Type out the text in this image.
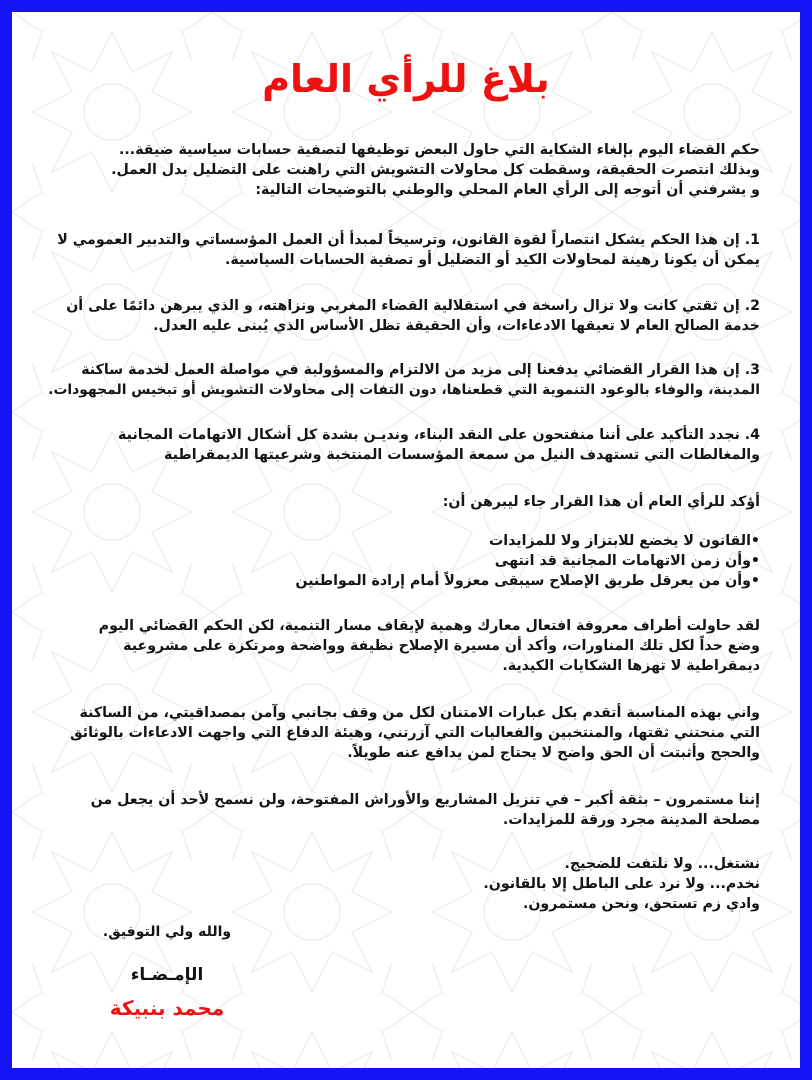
بلاغ للرأي العام
حكم القضاء اليوم بإلغاء الشكاية التي حاول البعض توظيفها لتصفية حسابات سياسية ضيقة...
وبذلك انتصرت الحقيقة، وسقطت كل محاولات التشويش التي راهنت على التضليل بدل العمل.
و يشرفني أن أتوجه إلى الرأي العام المحلي والوطني بالتوضيحات التالية:
1. إن هذا الحكم يشكل انتصاراً لقوة القانون، وترسيخاً لمبدأ أن العمل المؤسساتي والتدبير العمومي لا
يمكن أن يكونا رهينة لمحاولات الكيد أو التضليل أو تصفية الحسابات السياسية.
2. إن ثقتي كانت ولا تزال راسخة في استقلالية القضاء المغربي ونزاهته، و الذي يبرهن دائمًا على أن
خدمة الصالح العام لا تعيقها الادعاءات، وأن الحقيقة تظل الأساس الذي يُبنى عليه العدل.
3. إن هذا القرار القضائي يدفعنا إلى مزيد من الالتزام والمسؤولية في مواصلة العمل لخدمة ساكنة
المدينة، والوفاء بالوعود التنموية التي قطعناها، دون التفات إلى محاولات التشويش أو تبخيس المجهودات.
4. نجدد التأكيد على أننا منفتحون على النقد البناء، ونديـن بشدة كل أشكال الاتهامات المجانية
والمغالطات التي تستهدف النيل من سمعة المؤسسات المنتخبة وشرعيتها الديمقراطية
أؤكد للرأي العام أن هذا القرار جاء ليبرهن أن:
•القانون لا يخضع للابتزاز ولا للمزايدات
•وأن زمن الاتهامات المجانية قد انتهى
•وأن من يعرقل طريق الإصلاح سيبقى معزولاً أمام إرادة المواطنين
لقد حاولت أطراف معروفة افتعال معارك وهمية لإيقاف مسار التنمية، لكن الحكم القضائي اليوم
وضع حداً لكل تلك المناورات، وأكد أن مسيرة الإصلاح نظيفة وواضحة ومرتكزة على مشروعية
ديمقراطية لا تهزها الشكايات الكيدية.
واني بهذه المناسبة أتقدم بكل عبارات الامتنان لكل من وقف بجانبي وآمن بمصداقيتي، من الساكنة
التي منحتني ثقتها، والمنتخبين والفعاليات التي آزرتني، وهيئة الدفاع التي واجهت الادعاءات بالوثائق
والحجج وأثبتت أن الحق واضح لا يحتاج لمن يدافع عنه طويلاً.
إننا مستمرون – بثقة أكبر – في تنزيل المشاريع والأوراش المفتوحة، ولن نسمح لأحد أن يجعل من
مصلحة المدينة مجرد ورقة للمزايدات.
نشتغل... ولا نلتفت للضجيج.
نخدم... ولا نرد على الباطل إلا بالقانون.
وادي زم تستحق، ونحن مستمرون.
والله ولي التوفيق.
الإمـضـاء
محمد بنبيكة
